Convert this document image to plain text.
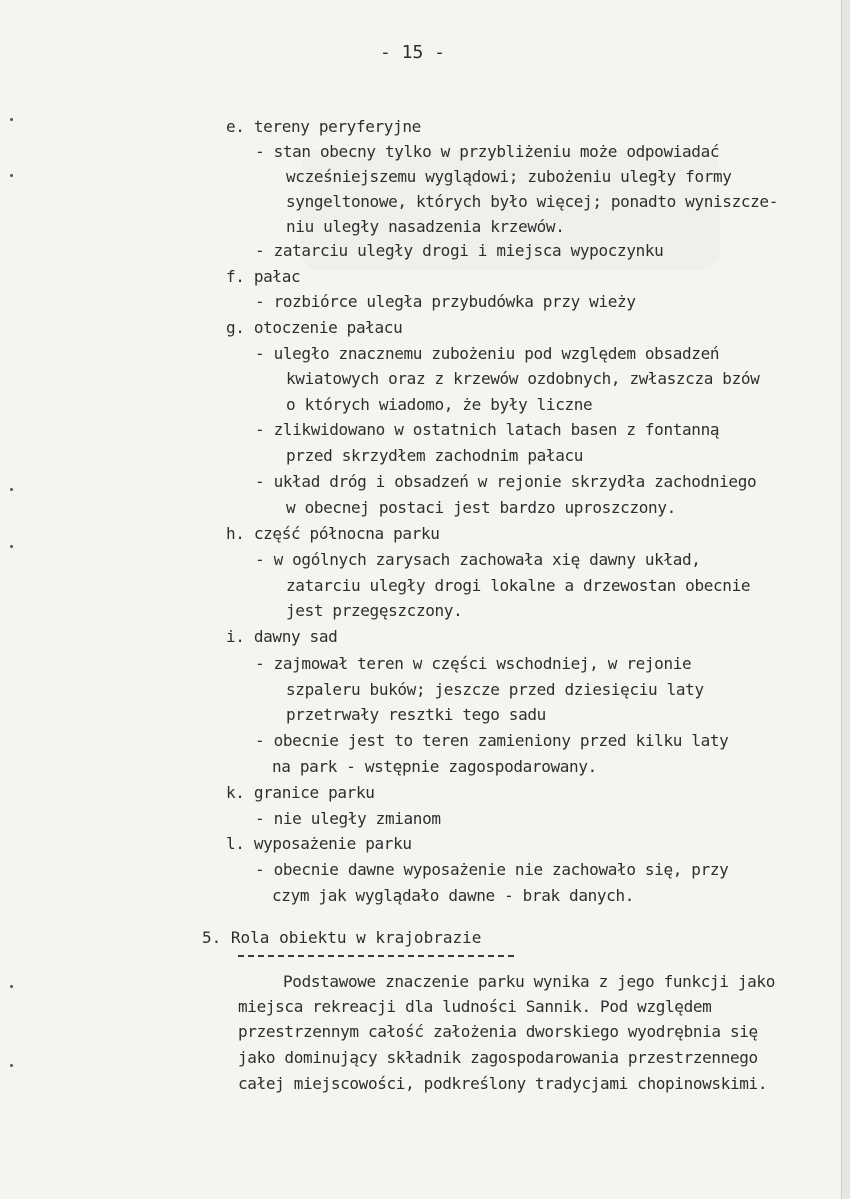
- 15 -
e. tereny peryferyjne
- stan obecny tylko w przybliżeniu może odpowiadać
wcześniejszemu wyglądowi; zubożeniu uległy formy
syngeltonowe, których było więcej; ponadto wyniszcze-
niu uległy nasadzenia krzewów.
- zatarciu uległy drogi i miejsca wypoczynku
f. pałac
- rozbiórce uległa przybudówka przy wieży
g. otoczenie pałacu
- uległo znacznemu zubożeniu pod względem obsadzeń
kwiatowych oraz z krzewów ozdobnych, zwłaszcza bzów
o których wiadomo, że były liczne
- zlikwidowano w ostatnich latach basen z fontanną
przed skrzydłem zachodnim pałacu
- układ dróg i obsadzeń w rejonie skrzydła zachodniego
w obecnej postaci jest bardzo uproszczony.
h. część północna parku
- w ogólnych zarysach zachowała xię dawny układ,
zatarciu uległy drogi lokalne a drzewostan obecnie
jest przegęszczony.
i. dawny sad
- zajmował teren w części wschodniej, w rejonie
szpaleru buków; jeszcze przed dziesięciu laty
przetrwały resztki tego sadu
- obecnie jest to teren zamieniony przed kilku laty
na park - wstępnie zagospodarowany.
k. granice parku
- nie uległy zmianom
l. wyposażenie parku
- obecnie dawne wyposażenie nie zachowało się, przy
czym jak wyglądało dawne - brak danych.
5. Rola obiektu w krajobrazie
Podstawowe znaczenie parku wynika z jego funkcji jako
miejsca rekreacji dla ludności Sannik. Pod względem
przestrzennym całość założenia dworskiego wyodrębnia się
jako dominujący składnik zagospodarowania przestrzennego
całej miejscowości, podkreślony tradycjami chopinowskimi.
